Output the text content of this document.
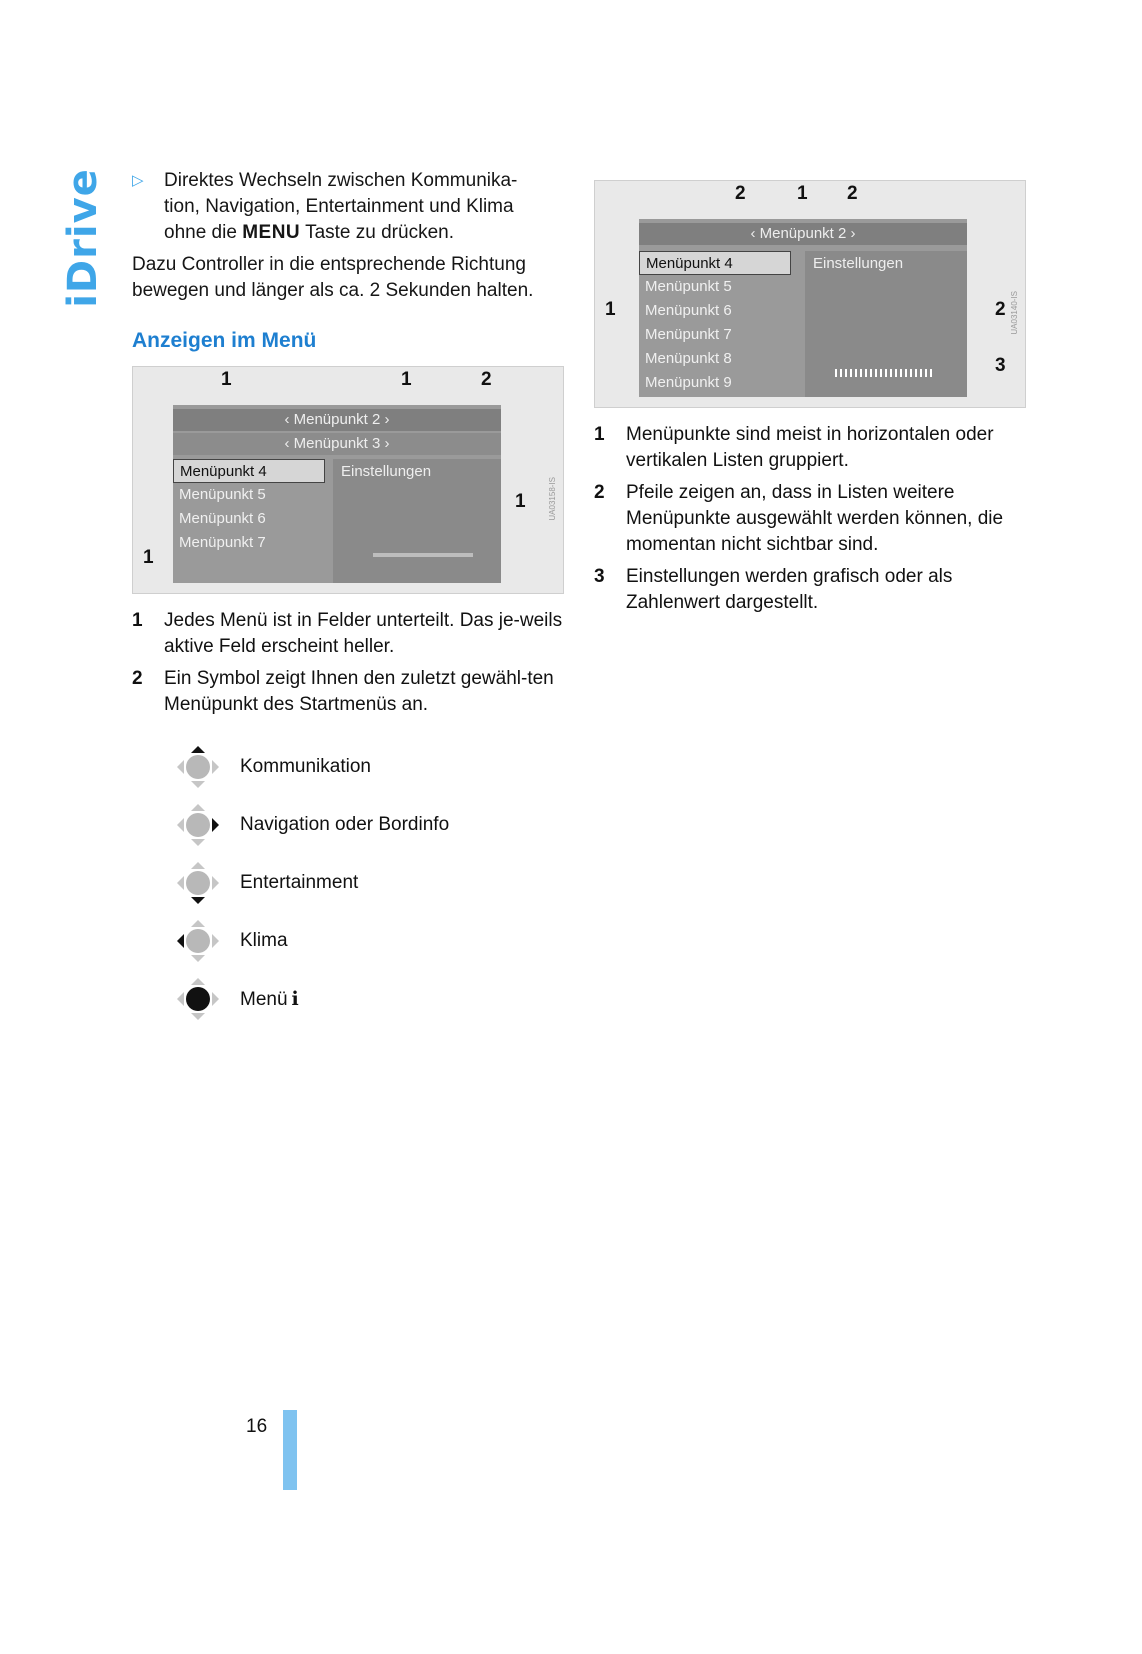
iDrive ▷	Direktes Wechseln zwischen Kommunika-
tion, Navigation, Entertainment und Klima
ohne die MENU Taste zu drücken.

Dazu Controller in die entsprechende Richtung bewegen und länger als ca. 2 Sekunden halten.

Anzeigen im Menü
1	1	2
1
1
‹ Menüpunkt 2 ›
‹ Menüpunkt 3 ›
Menüpunkt 4
Menüpunkt 5
Menüpunkt 6
Menüpunkt 7
Einstellungen
UA03158-IS
1	Jedes Menü ist in Felder unterteilt. Das je-weils aktive Feld erscheint heller.
2	Ein Symbol zeigt Ihnen den zuletzt gewähl-ten Menüpunkt des Startmenüs an.
Kommunikation
Navigation oder Bordinfo
Entertainment
Klima
Menü i
2	1 2
1	2
3
‹ Menüpunkt 2 ›
Menüpunkt 4
Menüpunkt 5
Menüpunkt 6
Menüpunkt 7
Menüpunkt 8
Menüpunkt 9
Einstellungen
UA03140-IS
1	Menüpunkte sind meist in horizontalen oder vertikalen Listen gruppiert.
2	Pfeile zeigen an, dass in Listen weitere Menüpunkte ausgewählt werden können, die momentan nicht sichtbar sind.
3	Einstellungen werden grafisch oder als Zahlenwert dargestellt.
16
